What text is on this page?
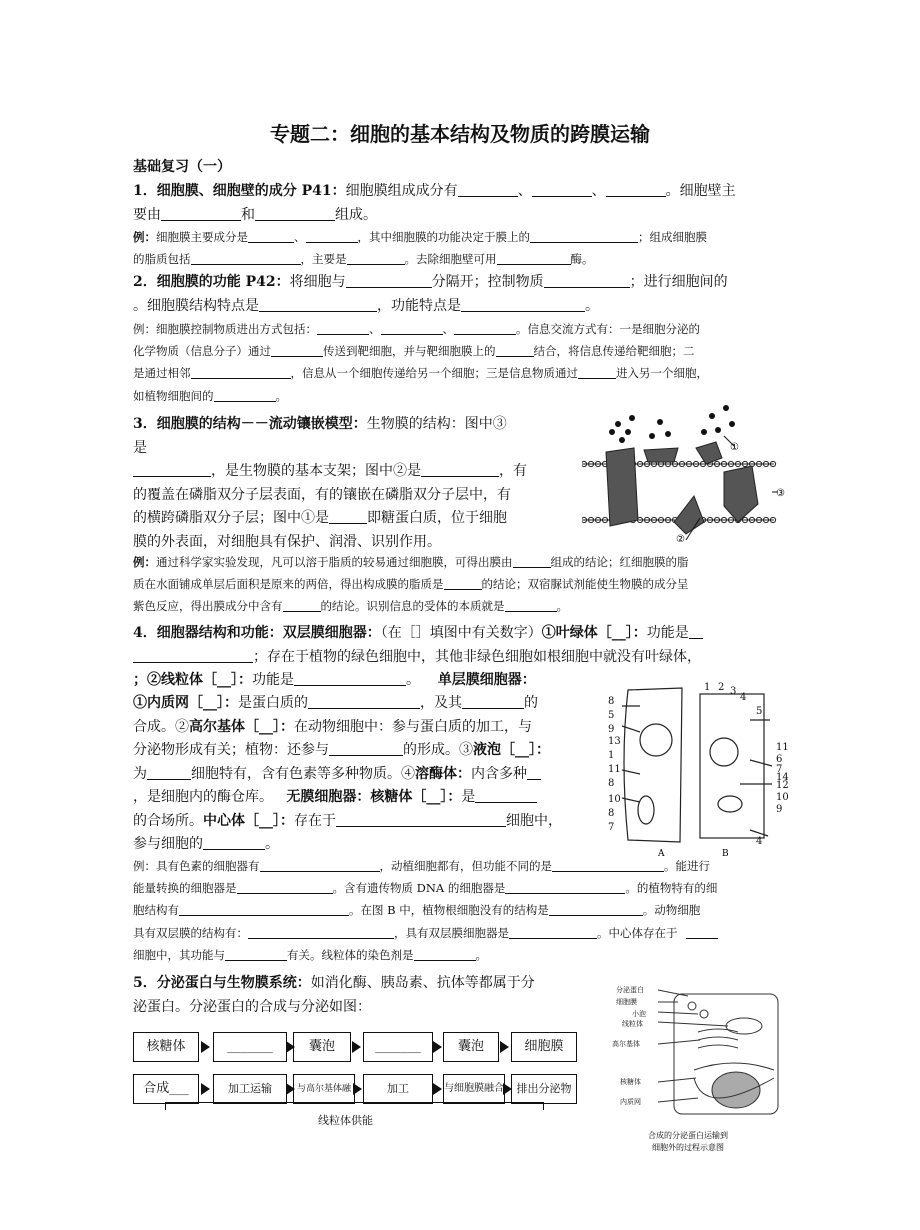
专题二：细胞的基本结构及物质的跨膜运输
基础复习（一）
1．细胞膜、细胞壁的成分 P41：细胞膜组成成分有	、	、	。细胞壁主
要由	和	组成。
例：细胞膜主要成分是	、	，其中细胞膜的功能决定于膜上的	；组成细胞膜
的脂质包括	，主要是	。去除细胞壁可用	酶。
2．细胞膜的功能 P42：将细胞与	分隔开；控制物质	；进行细胞间的
。细胞膜结构特点是	，功能特点是	。
例：细胞膜控制物质进出方式包括：	、	、	。信息交流方式有：一是细胞分泌的
化学物质（信息分子）通过	传送到靶细胞，并与靶细胞膜上的	结合，将信息传递给靶细胞；二
是通过相邻	，信息从一个细胞传递给另一个细胞；三是信息物质通过	进入另一个细胞，
如植物细胞间的	。
3．细胞膜的结构－－流动镶嵌模型：生物膜的结构：图中③
是
，是生物膜的基本支架；图中②是	，有
的覆盖在磷脂双分子层表面，有的镶嵌在磷脂双分子层中，有
的横跨磷脂双分子层；图中①是	即糖蛋白质，位于细胞
膜的外表面，对细胞具有保护、润滑、识别作用。
①
②
③
例：通过科学家实验发现，凡可以溶于脂质的较易通过细胞膜，可得出膜由	组成的结论；红细胞膜的脂
质在水面铺成单层后面积是原来的两倍，得出构成膜的脂质是	的结论；双宿脲试剂能使生物膜的成分呈
紫色反应，得出膜成分中含有	的结论。识别信息的受体的本质就是	。
4．细胞器结构和功能：双层膜细胞器：（在［］填图中有关数字）①叶绿体［__］：功能是
；存在于植物的绿色细胞中，其他非绿色细胞如根细胞中就没有叶绿体，
；②线粒体［__］：功能是	。 单层膜细胞器：
①内质网［__］：是蛋白质的	，及其	的
合成。②高尔基体［__］：在动物细胞中：参与蛋白质的加工，与
分泌物形成有关；植物：还参与	的形成。③液泡［__］：
为	细胞特有，含有色素等多种物质。④溶酶体：内含多种
，是细胞内的酶仓库。 无膜细胞器：核糖体［__］：是
的合场所。中心体［__］：存在于	细胞中，
参与细胞的	。
8
5
9
13
1
11
8
10
8
7
1 2 3
4
5
11
6
7
14
12
10
9
4
A	B
例：具有色素的细胞器有	，动植细胞都有，但功能不同的是	。能进行
能量转换的细胞器是	。含有遗传物质 DNA 的细胞器是	。的植物特有的细
胞结构有	。在图 B 中，植物根细胞没有的结构是	。动物细胞
具有双层膜的结构有：	，具有双层膜细胞器是	。中心体存在于
细胞中，其功能与	有关。线粒体的染色剂是	。
5．分泌蛋白与生物膜系统：如消化酶、胰岛素、抗体等都属于分
泌蛋白。分泌蛋白的合成与分泌如图：
核糖体	_______	囊泡	_______	囊泡	细胞膜
合成___	加工运输	与高尔基体融	加工	与细胞膜融合	排出分泌物
线粒体供能
分泌蛋白
细胞膜
小泡
线粒体
高尔基体
核糖体
内质网
合成的分泌蛋白运输到
细胞外的过程示意图
